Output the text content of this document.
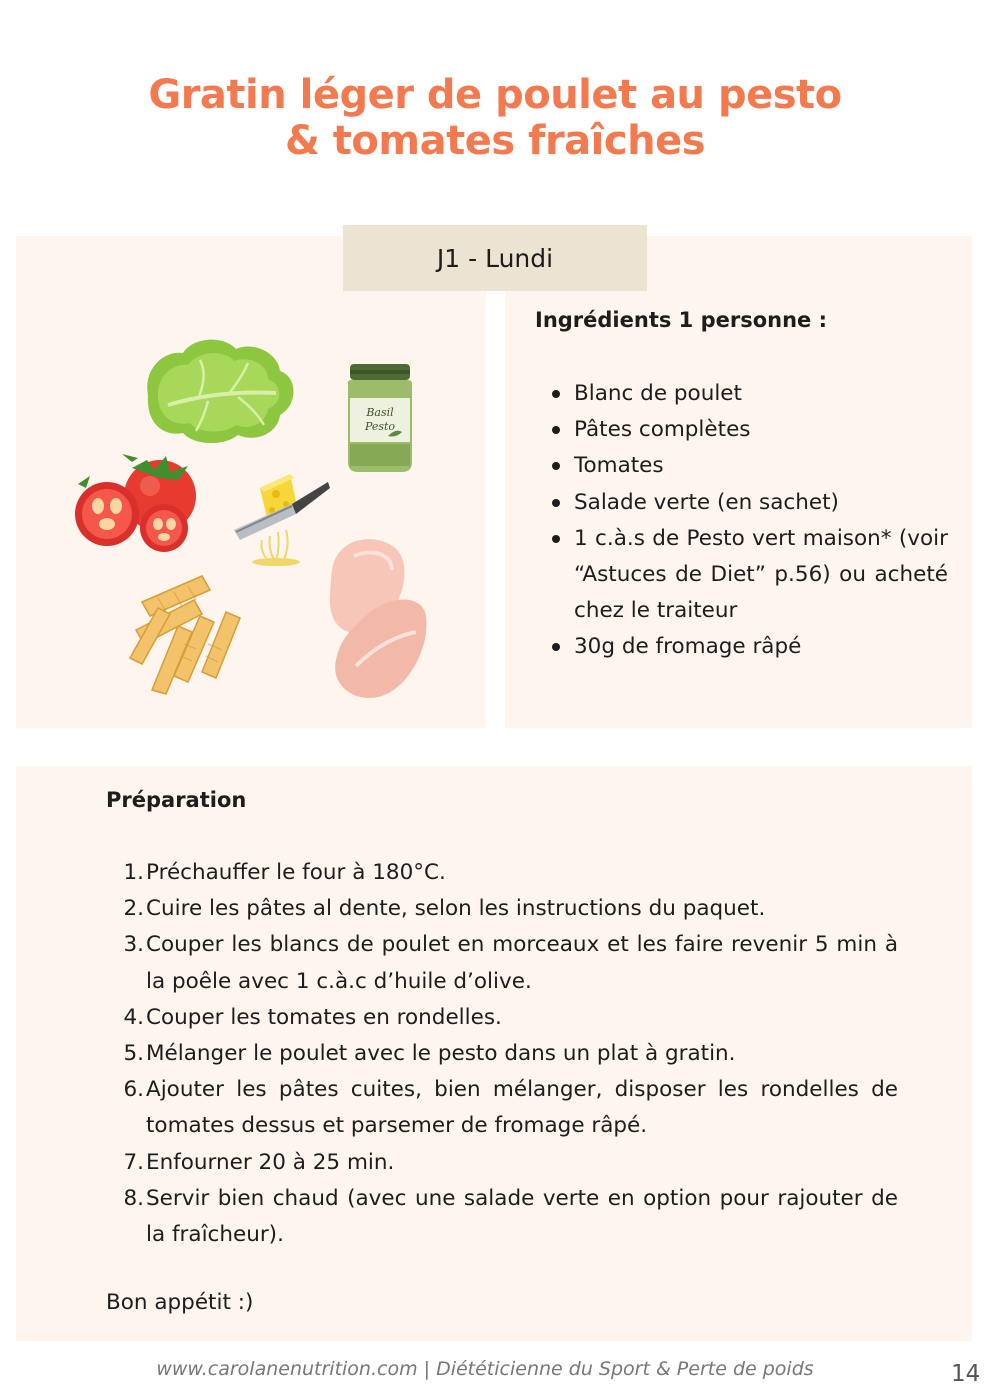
Gratin léger de poulet au pesto
& tomates fraîches
J1 - Lundi
Basil
Pesto
Ingrédients 1 personne :
Blanc de poulet
Pâtes complètes
Tomates
Salade verte (en sachet)
1 c.à.s de Pesto vert maison* (voir “Astuces de Diet” p.56) ou acheté chez le traiteur
30g de fromage râpé
Préparation
1. Préchauffer le four à 180°C.
2. Cuire les pâtes al dente, selon les instructions du paquet.
3. Couper les blancs de poulet en morceaux et les faire revenir 5 min à la poêle avec 1 c.à.c d’huile d’olive.
4. Couper les tomates en rondelles.
5. Mélanger le poulet avec le pesto dans un plat à gratin.
6. Ajouter les pâtes cuites, bien mélanger, disposer les rondelles de tomates dessus et parsemer de fromage râpé.
7. Enfourner 20 à 25 min.
8. Servir bien chaud (avec une salade verte en option pour rajouter de la fraîcheur).

Bon appétit :)

www.carolanenutrition.com | Diététicienne du Sport & Perte de poids	14
